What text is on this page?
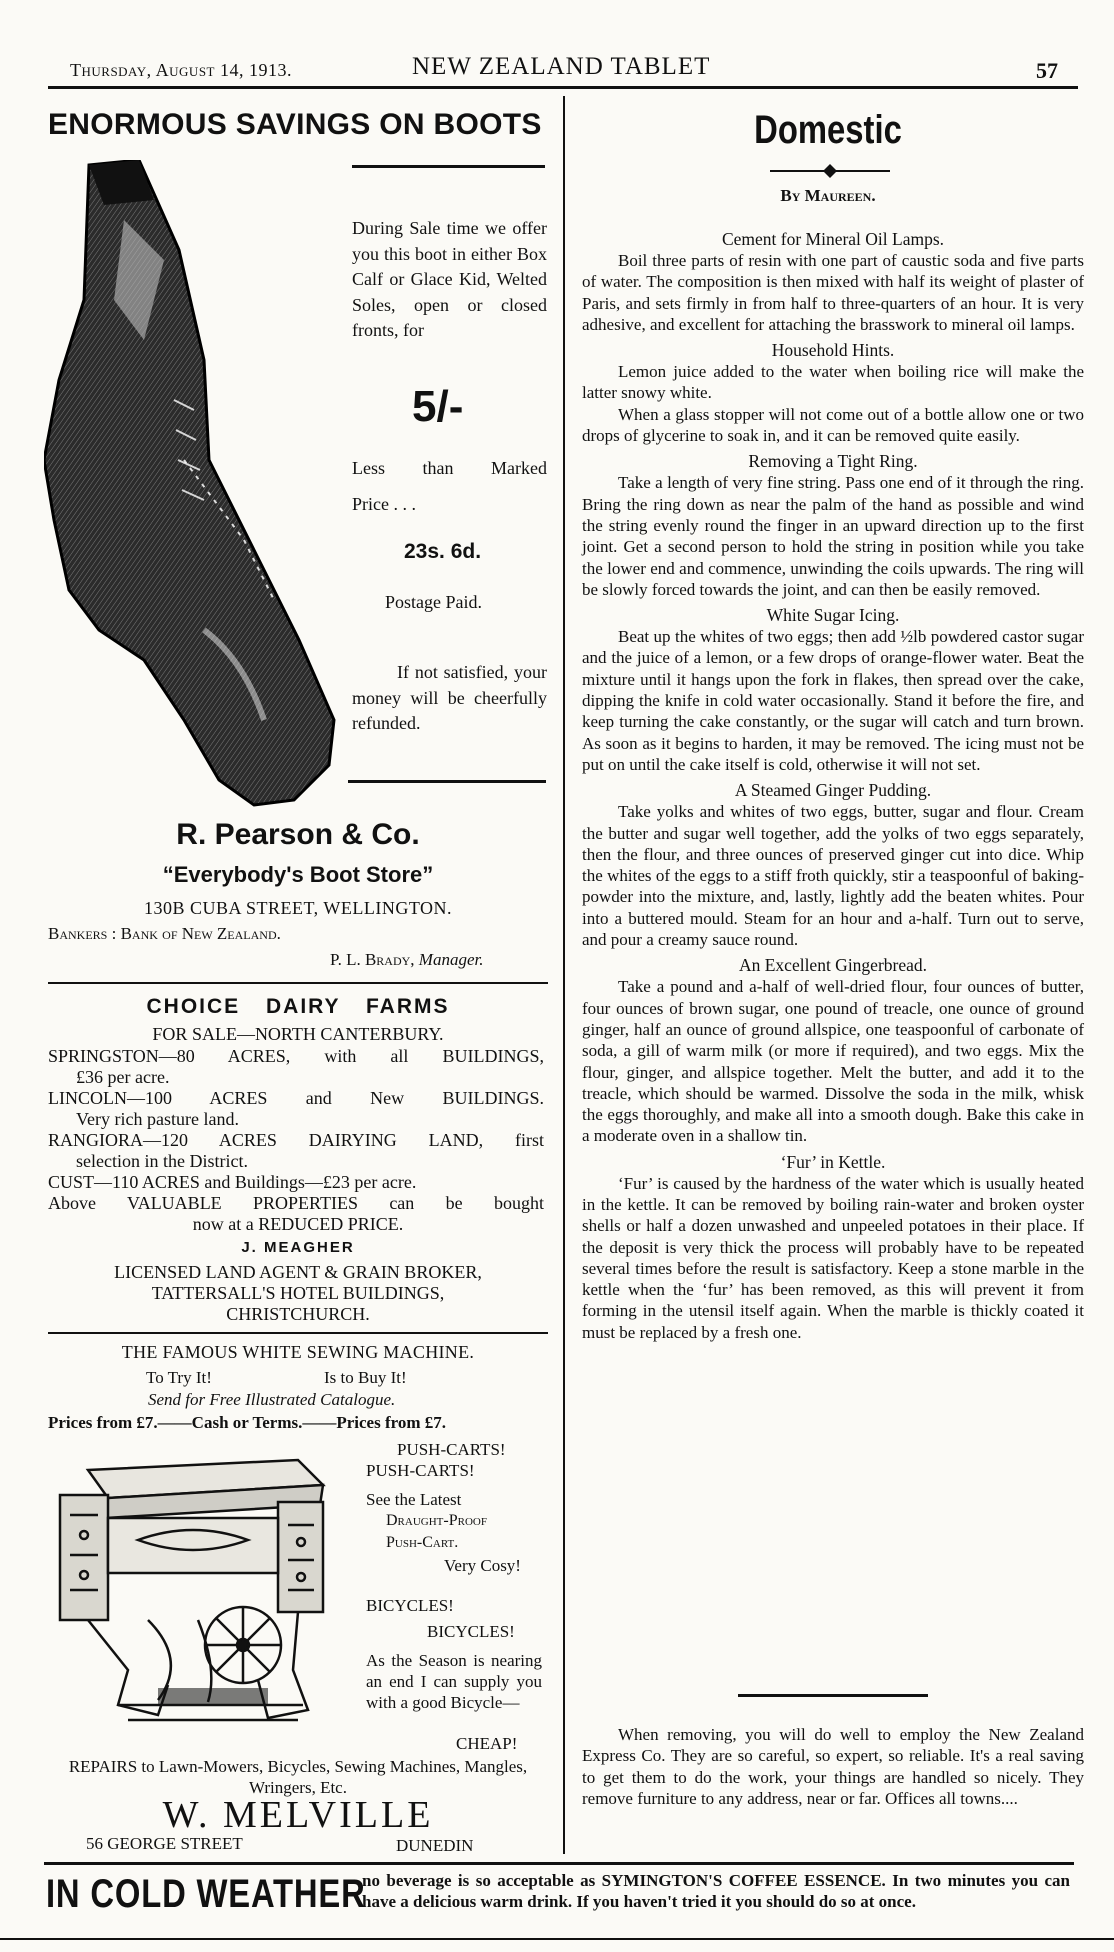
Thursday, August 14, 1913.	NEW ZEALAND TABLET	57
ENORMOUS SAVINGS ON BOOTS
During Sale time we offer you this boot in either Box Calf or Glace Kid, Welted Soles, open or closed fronts, for
5/-
Less than Marked
Price . . .
23s. 6d.
Postage Paid.
If not satisfied, your money will be cheerfully refunded.
R. Pearson & Co.
“Everybody's Boot Store”
130B CUBA STREET, WELLINGTON.
Bankers : Bank of New Zealand.
P. L. Brady, Manager.
CHOICE DAIRY FARMS
FOR SALE—NORTH CANTERBURY.
SPRINGSTON—80 ACRES, with all BUILDINGS,
£36 per acre.
LINCOLN—100 ACRES and New BUILDINGS.
Very rich pasture land.
RANGIORA—120 ACRES DAIRYING LAND, first
selection in the District.
CUST—110 ACRES and Buildings—£23 per acre.
Above VALUABLE PROPERTIES can be bought
now at a REDUCED PRICE.
J. MEAGHER
LICENSED LAND AGENT & GRAIN BROKER,
TATTERSALL'S HOTEL BUILDINGS,
CHRISTCHURCH.
THE FAMOUS WHITE SEWING MACHINE.
To Try It!	Is to Buy It!
Send for Free Illustrated Catalogue.
Prices from £7.——Cash or Terms.——Prices from £7.
PUSH-CARTS!
PUSH-CARTS!
See the Latest
Draught-Proof
Push-Cart.
Very Cosy!
BICYCLES!
BICYCLES!
As the Season is nearing an end I can supply you with a good Bicycle—
CHEAP!
REPAIRS to Lawn-Mowers, Bicycles, Sewing Machines, Mangles, Wringers, Etc.
W. MELVILLE
56 GEORGE STREET	DUNEDIN
Domestic
By Maureen.
Cement for Mineral Oil Lamps.

Boil three parts of resin with one part of caustic soda and five parts of water. The composition is then mixed with half its weight of plaster of Paris, and sets firmly in from half to three-quarters of an hour. It is very adhesive, and excellent for attaching the brasswork to mineral oil lamps.

Household Hints.

Lemon juice added to the water when boiling rice will make the latter snowy white.

When a glass stopper will not come out of a bottle allow one or two drops of glycerine to soak in, and it can be removed quite easily.

Removing a Tight Ring.

Take a length of very fine string. Pass one end of it through the ring. Bring the ring down as near the palm of the hand as possible and wind the string evenly round the finger in an upward direction up to the first joint. Get a second person to hold the string in position while you take the lower end and commence, unwinding the coils upwards. The ring will be slowly forced towards the joint, and can then be easily removed.

White Sugar Icing.

Beat up the whites of two eggs; then add ½lb powdered castor sugar and the juice of a lemon, or a few drops of orange-flower water. Beat the mixture until it hangs upon the fork in flakes, then spread over the cake, dipping the knife in cold water occasionally. Stand it before the fire, and keep turning the cake constantly, or the sugar will catch and turn brown. As soon as it begins to harden, it may be removed. The icing must not be put on until the cake itself is cold, otherwise it will not set.

A Steamed Ginger Pudding.

Take yolks and whites of two eggs, butter, sugar and flour. Cream the butter and sugar well together, add the yolks of two eggs separately, then the flour, and three ounces of preserved ginger cut into dice. Whip the whites of the eggs to a stiff froth quickly, stir a teaspoonful of baking-powder into the mixture, and, lastly, lightly add the beaten whites. Pour into a buttered mould. Steam for an hour and a-half. Turn out to serve, and pour a creamy sauce round.

An Excellent Gingerbread.

Take a pound and a-half of well-dried flour, four ounces of butter, four ounces of brown sugar, one pound of treacle, one ounce of ground ginger, half an ounce of ground allspice, one teaspoonful of carbonate of soda, a gill of warm milk (or more if required), and two eggs. Mix the flour, ginger, and allspice together. Melt the butter, and add it to the treacle, which should be warmed. Dissolve the soda in the milk, whisk the eggs thoroughly, and make all into a smooth dough. Bake this cake in a moderate oven in a shallow tin.

‘Fur’ in Kettle.

‘Fur’ is caused by the hardness of the water which is usually heated in the kettle. It can be removed by boiling rain-water and broken oyster shells or half a dozen unwashed and unpeeled potatoes in their place. If the deposit is very thick the process will probably have to be repeated several times before the result is satisfactory. Keep a stone marble in the kettle when the ‘fur’ has been removed, as this will prevent it from forming in the utensil itself again. When the marble is thickly coated it must be replaced by a fresh one.

When removing, you will do well to employ the New Zealand Express Co. They are so careful, so expert, so reliable. It's a real saving to get them to do the work, your things are handled so nicely. They remove furniture to any address, near or far. Offices all towns....

IN COLD WEATHER
no beverage is so acceptable as SYMINGTON'S COFFEE ESSENCE. In two minutes you can have a delicious warm drink. If you haven't tried it you should do so at once.
